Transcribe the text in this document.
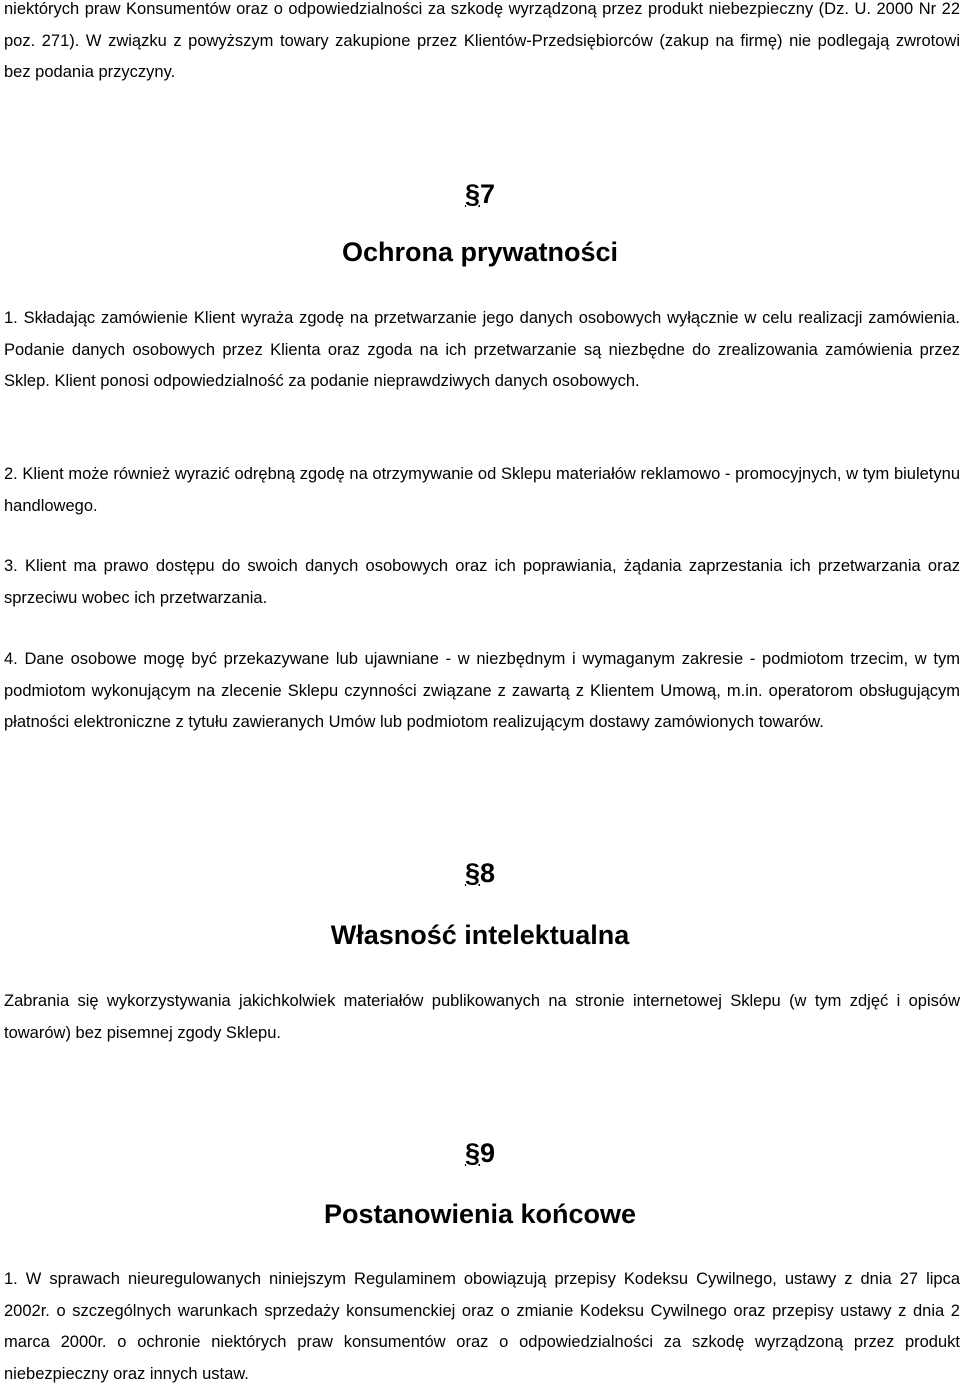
niektórych praw Konsumentów oraz o odpowiedzialności za szkodę wyrządzoną przez produkt niebezpieczny (Dz. U. 2000 Nr 22 poz. 271). W związku z powyższym towary zakupione przez Klientów-Przedsiębiorców (zakup na firmę) nie podlegają zwrotowi bez podania przyczyny.

§7
Ochrona prywatności

1. Składając zamówienie Klient wyraża zgodę na przetwarzanie jego danych osobowych wyłącznie w celu realizacji zamówienia. Podanie danych osobowych przez Klienta oraz zgoda na ich przetwarzanie są niezbędne do zrealizowania zamówienia przez Sklep. Klient ponosi odpowiedzialność za podanie nieprawdziwych danych osobowych.

2. Klient może również wyrazić odrębną zgodę na otrzymywanie od Sklepu materiałów reklamowo - promocyjnych, w tym biuletynu handlowego.

3. Klient ma prawo dostępu do swoich danych osobowych oraz ich poprawiania, żądania zaprzestania ich przetwarzania oraz sprzeciwu wobec ich przetwarzania.

4. Dane osobowe mogę być przekazywane lub ujawniane - w niezbędnym i wymaganym zakresie - podmiotom trzecim, w tym podmiotom wykonującym na zlecenie Sklepu czynności związane z zawartą z Klientem Umową, m.in. operatorom obsługującym płatności elektroniczne z tytułu zawieranych Umów lub podmiotom realizującym dostawy zamówionych towarów.

§8
Własność intelektualna

Zabrania się wykorzystywania jakichkolwiek materiałów publikowanych na stronie internetowej Sklepu (w tym zdjęć i opisów towarów) bez pisemnej zgody Sklepu.

§9
Postanowienia końcowe

1. W sprawach nieuregulowanych niniejszym Regulaminem obowiązują przepisy Kodeksu Cywilnego, ustawy z dnia 27 lipca 2002r. o szczególnych warunkach sprzedaży konsumenckiej oraz o zmianie Kodeksu Cywilnego oraz przepisy ustawy z dnia 2 marca 2000r. o ochronie niektórych praw konsumentów oraz o odpowiedzialności za szkodę wyrządzoną przez produkt niebezpieczny oraz innych ustaw.
